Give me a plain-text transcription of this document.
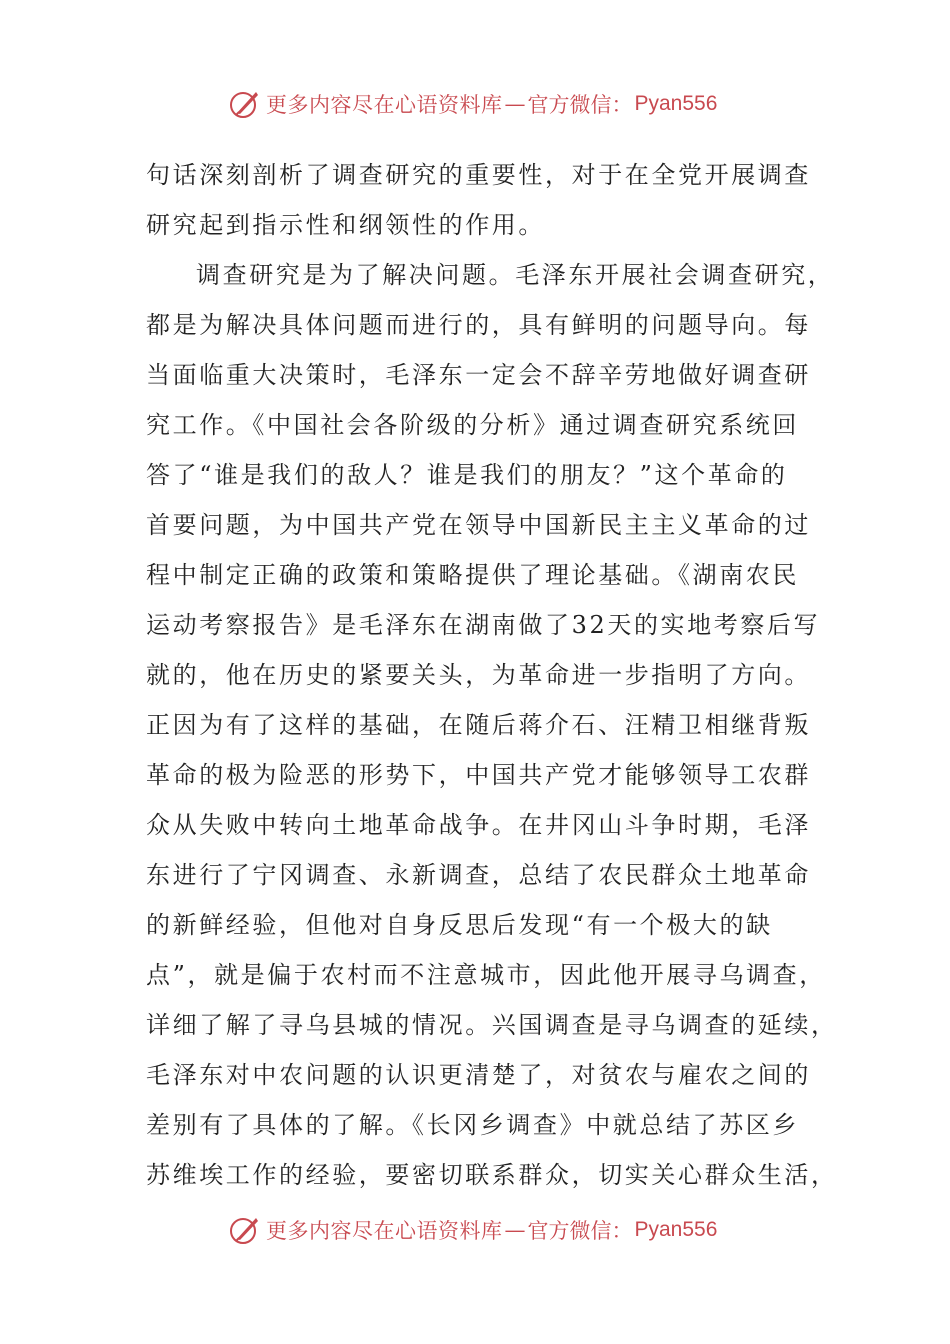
更多内容尽在心语资料库 — 官方微信： Pyan556
句话深刻剖析了调查研究的重要性，对于在全党开展调查
研究起到指示性和纲领性的作用。
调查研究是为了解决问题。毛泽东开展社会调查研究，
都是为解决具体问题而进行的，具有鲜明的问题导向。每
当面临重大决策时，毛泽东一定会不辞辛劳地做好调查研
究工作。《中国社会各阶级的分析》通过调查研究系统回
答了“谁是我们的敌人？谁是我们的朋友？”这个革命的
首要问题，为中国共产党在领导中国新民主主义革命的过
程中制定正确的政策和策略提供了理论基础。《湖南农民
运动考察报告》是毛泽东在湖南做了32天的实地考察后写
就的，他在历史的紧要关头，为革命进一步指明了方向。
正因为有了这样的基础，在随后蒋介石、汪精卫相继背叛
革命的极为险恶的形势下，中国共产党才能够领导工农群
众从失败中转向土地革命战争。在井冈山斗争时期，毛泽
东进行了宁冈调查、永新调查，总结了农民群众土地革命
的新鲜经验，但他对自身反思后发现“有一个极大的缺
点”，就是偏于农村而不注意城市，因此他开展寻乌调查，
详细了解了寻乌县城的情况。兴国调查是寻乌调查的延续，
毛泽东对中农问题的认识更清楚了，对贫农与雇农之间的
差别有了具体的了解。《长冈乡调查》中就总结了苏区乡
苏维埃工作的经验，要密切联系群众，切实关心群众生活，
更多内容尽在心语资料库 — 官方微信： Pyan556
